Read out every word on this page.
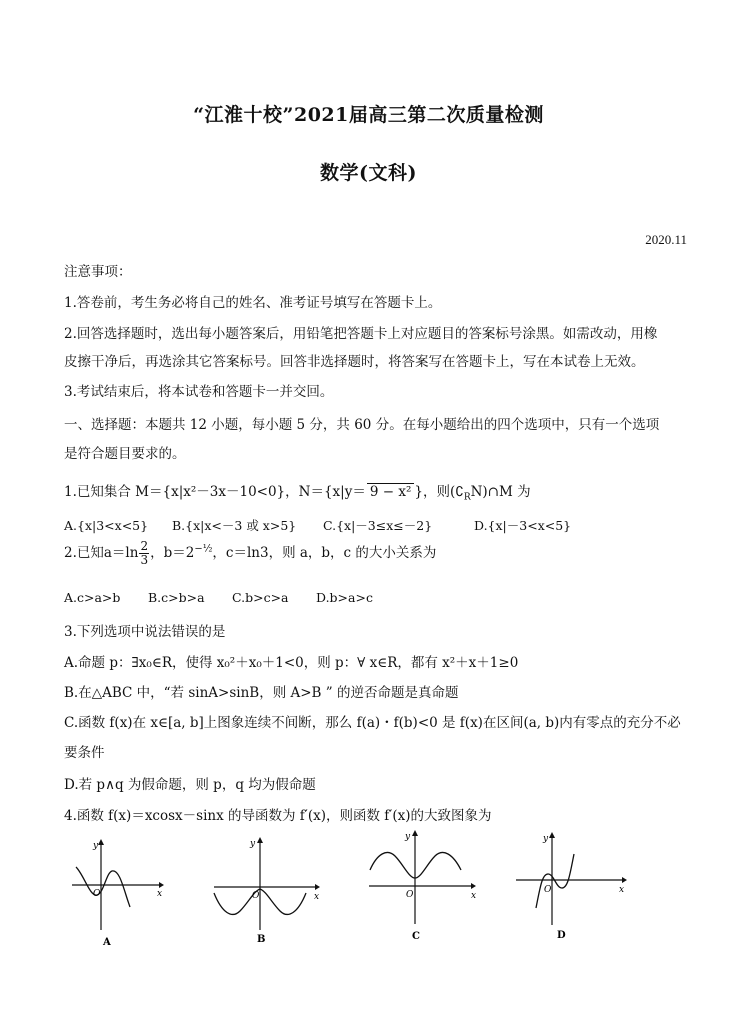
“江淮十校”2021届高三第二次质量检测
数学(文科)
2020.11
注意事项：
1.答卷前，考生务必将自己的姓名、准考证号填写在答题卡上。
2.回答选择题时，选出每小题答案后，用铅笔把答题卡上对应题目的答案标号涂黑。如需改动，用橡
皮擦干净后，再选涂其它答案标号。回答非选择题时，将答案写在答题卡上，写在本试卷上无效。
3.考试结束后，将本试卷和答题卡一并交回。
一、选择题：本题共 12 小题，每小题 5 分，共 60 分。在每小题给出的四个选项中，只有一个选项
是符合题目要求的。
1.已知集合 M＝{x|x²－3x－10<0}，N＝{x|y＝ 9 − x² }，则$(∁_RN)\cap M$ 为
A.{x|3<x<5} B.{x|x<－3 或 x>5} C.{x|－3≤x≤－2}	D.{x|－3<x<5}
2.已知$a=\ln \frac{2}{3}$ ，$b=2^{-\frac{1}{2}}$，c＝ln3，则 a，b，c 的大小关系为
A.c>a>b B.c>b>a C.b>c>a D.b>a>c
3.下列选项中说法错误的是
A.命题 p：∃x₀∈R，使得 x₀²＋x₀＋1<0，则 p：∀ x∈R，都有 x²＋x＋1≥0
B.在△ABC 中，“若 sinA>sinB，则 A>B ” 的逆否命题是真命题
C.函数 f(x)在 x∈[a, b]上图象连续不间断，那么 f(a)・f(b)<0 是 f(x)在区间(a, b)内有零点的充分不必
要条件
D.若 p∧q 为假命题，则 p，q 均为假命题
4.函数 f(x)＝xcosx－sinx 的导函数为 f′(x)，则函数 f′(x)的大致图象为
y
x
O
A
y
x
O
B
y
x
O
C
y
x
O
D
